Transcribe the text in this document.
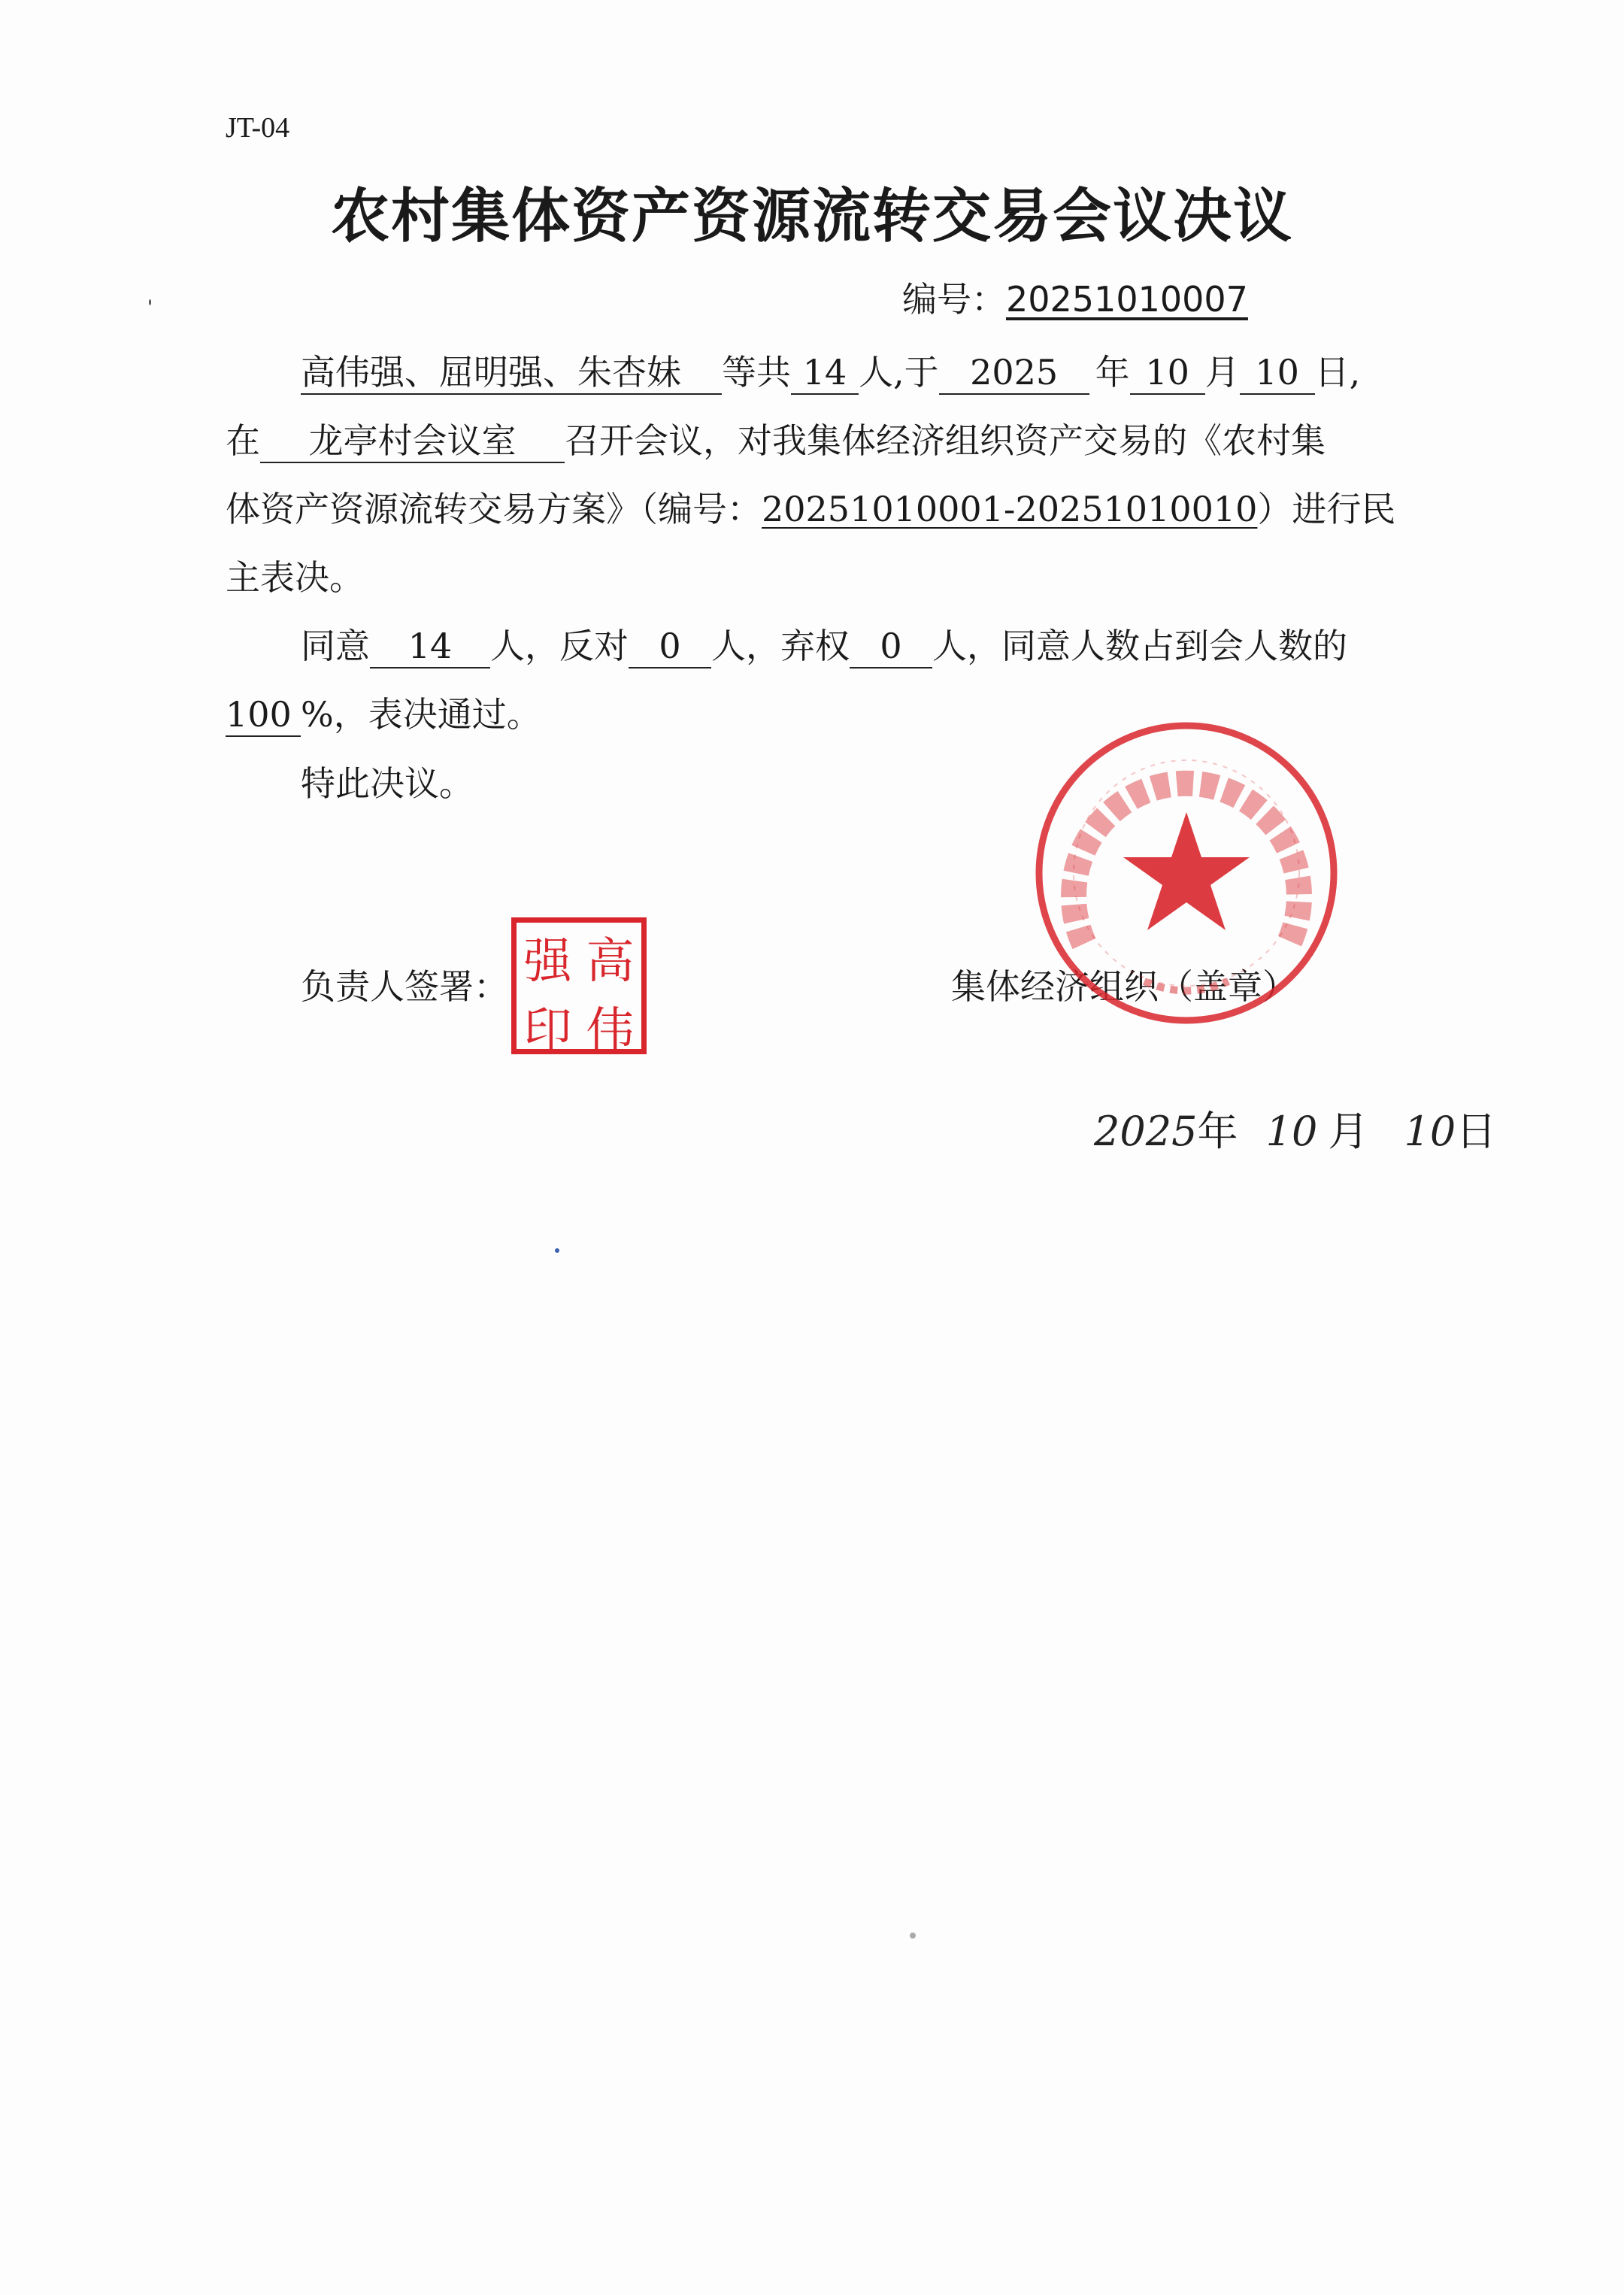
JT-04
农村集体资产资源流转交易会议决议
编号：20251010007
高伟强、屈明强、朱杏妹 等共 14 人,于 2025 年 10 月 10 日,
在 龙亭村会议室 召开会议，对我集体经济组织资产交易的《农村集
体资产资源流转交易方案》（编号：20251010001-20251010010）进行民
主表决。
同意 14 人，反对 0 人，弃权 0 人，同意人数占到会人数的
100 %，表决通过。
特此决议。
负责人签署：	集体经济组织（盖章）
强 高
印 伟
2025年 10 月 10日
